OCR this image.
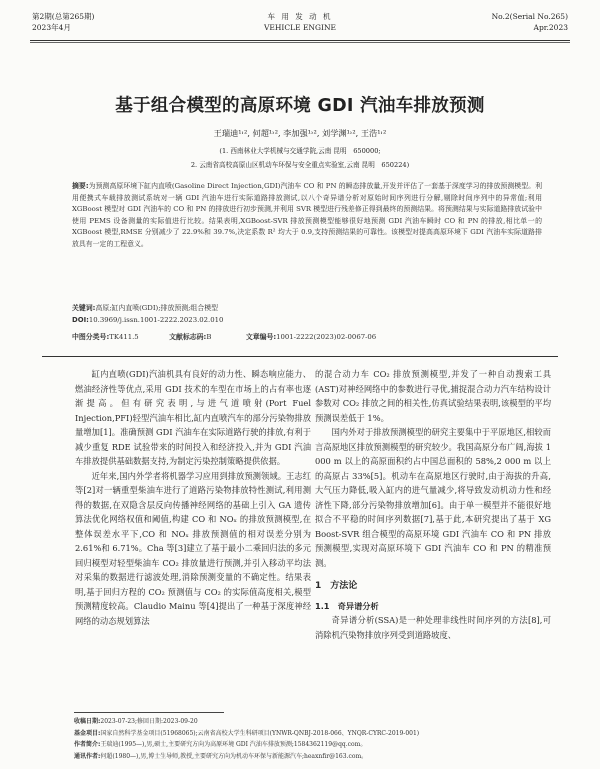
第2期(总第265期)
2023年4月
车 用 发 动 机
VEHICLE ENGINE
No.2(Serial No.265)
Apr.2023
基于组合模型的高原环境 GDI 汽油车排放预测
王瑞迪¹˒², 何超¹˒², 李加强¹˒², 刘学渊¹˒², 王浩¹˒²
(1. 西南林业大学机械与交通学院,云南 昆明　650000;
2. 云南省高校高原山区机动车环保与安全重点实验室,云南 昆明　650224)
摘要:为预测高原环境下缸内直喷(Gasoline Direct Injection,GDI)汽油车 CO 和 PN 的瞬态排放量,开发并评估了一套基于深度学习的排放预测模型。利用便携式车载排放测试系统对一辆 GDI 汽油车进行实际道路排放测试,以八个奇异谱分析对原始时间序列进行分解,剔除时间序列中的异常值;利用 XGBoost 模型对 GDI 汽油车的 CO 和 PN 的排放进行初步预测,并利用 SVR 模型进行残差修正得到最终的预测结果。将预测结果与实际道路排放试验中使用 PEMS 设备测量的实际值进行比较。结果表明,XGBoost-SVR 排放预测模型能够很好地预测 GDI 汽油车瞬时 CO 和 PN 的排放,相比单一的 XGBoost 模型,RMSE 分别减少了 22.9%和 39.7%,决定系数 R² 均大于 0.9,支持预测结果的可靠性。该模型对提高高原环境下 GDI 汽油车实际道路排放具有一定的工程意义。
关键词:高原;缸内直喷(GDI);排放预测;组合模型
DOI:10.3969/j.issn.1001-2222.2023.02.010
中图分类号:TK411.5	文献标志码:B	文章编号:1001-2222(2023)02-0067-06

缸内直喷(GDI)汽油机具有良好的动力性、瞬态响应能力、燃油经济性等优点,采用 GDI 技术的车型在市场上的占有率也逐渐提高。但有研究表明,与进气道喷射(Port Fuel Injection,PFI)轻型汽油车相比,缸内直喷汽车的部分污染物排放量增加[1]。准确预测 GDI 汽油车在实际道路行驶的排放,有利于减少重复 RDE 试验带来的时间投入和经济投入,并为 GDI 汽油车排放提供基础数据支持,为制定污染控制策略提供依据。

近年来,国内外学者将机器学习应用到排放预测领域。王志红等[2]对一辆重型柴油车进行了道路污染物排放特性测试,利用测得的数据,在双隐含层反向传播神经网络的基础上引入 GA 遗传算法优化网络权值和阈值,构建 CO 和 NOₓ 的排放预测模型,在整体误差水平下,CO 和 NOₓ 排放预测值的相对误差分别为 2.61%和 6.71%。Cha 等[3]建立了基于最小二乘回归法的多元回归模型对轻型柴油车 CO₂ 排放量进行预测,并引入移动平均法对采集的数据进行滤波处理,消除预测变量的不确定性。结果表明,基于回归方程的 CO₂ 预测值与 CO₂ 的实际值高度相关,模型预测精度较高。Claudio Mainu 等[4]提出了一种基于深度神经网络的动态规划算法

的混合动力车 CO₂ 排放预测模型,并发了一种自动搜索工具(AST)对神经网络中的参数进行寻优,捕捉混合动力汽车结构设计参数对 CO₂ 排放之间的相关性,仿真试验结果表明,该模型的平均预测误差低于 1%。

国内外对于排放预测模型的研究主要集中于平原地区,相较而言高原地区排放预测模型的研究较少。我国高原分布广阔,海拔 1 000 m 以上的高原面积约占中国总面积的 58%,2 000 m 以上的高原占 33%[5]。机动车在高原地区行驶时,由于海拔的升高,大气压力降低,吸入缸内的进气量减少,将导致发动机动力性和经济性下降,部分污染物排放增加[6]。由于单一模型并不能很好地拟合不平稳的时间序列数据[7],基于此,本研究提出了基于 XG Boost-SVR 组合模型的高原环境 GDI 汽油车 CO 和 PN 排放预测模型,实现对高原环境下 GDI 汽油车 CO 和 PN 的精准预测。

1　方法论
1.1　奇异谱分析

奇异谱分析(SSA)是一种处理非线性时间序列的方法[8],可消除机汽染物排放序列受到道路坡度、

收稿日期:2023-07-23;修回日期:2023-09-20
基金项目:国家自然科学基金项目(51968065);云南省高校大学生科研项目(YNWR-QNBJ-2018-066、YNQR-CYRC-2019-001)
作者简介:王瑞迪(1995—),男,硕士,主要研究方向为高原环境 GDI 汽油车排放预测;1584362119@qq.com。
通讯作者:何超(1980—),男,博士生导师,教授,主要研究方向为机动车环保与新能源汽车;heaxnfir@163.com。
